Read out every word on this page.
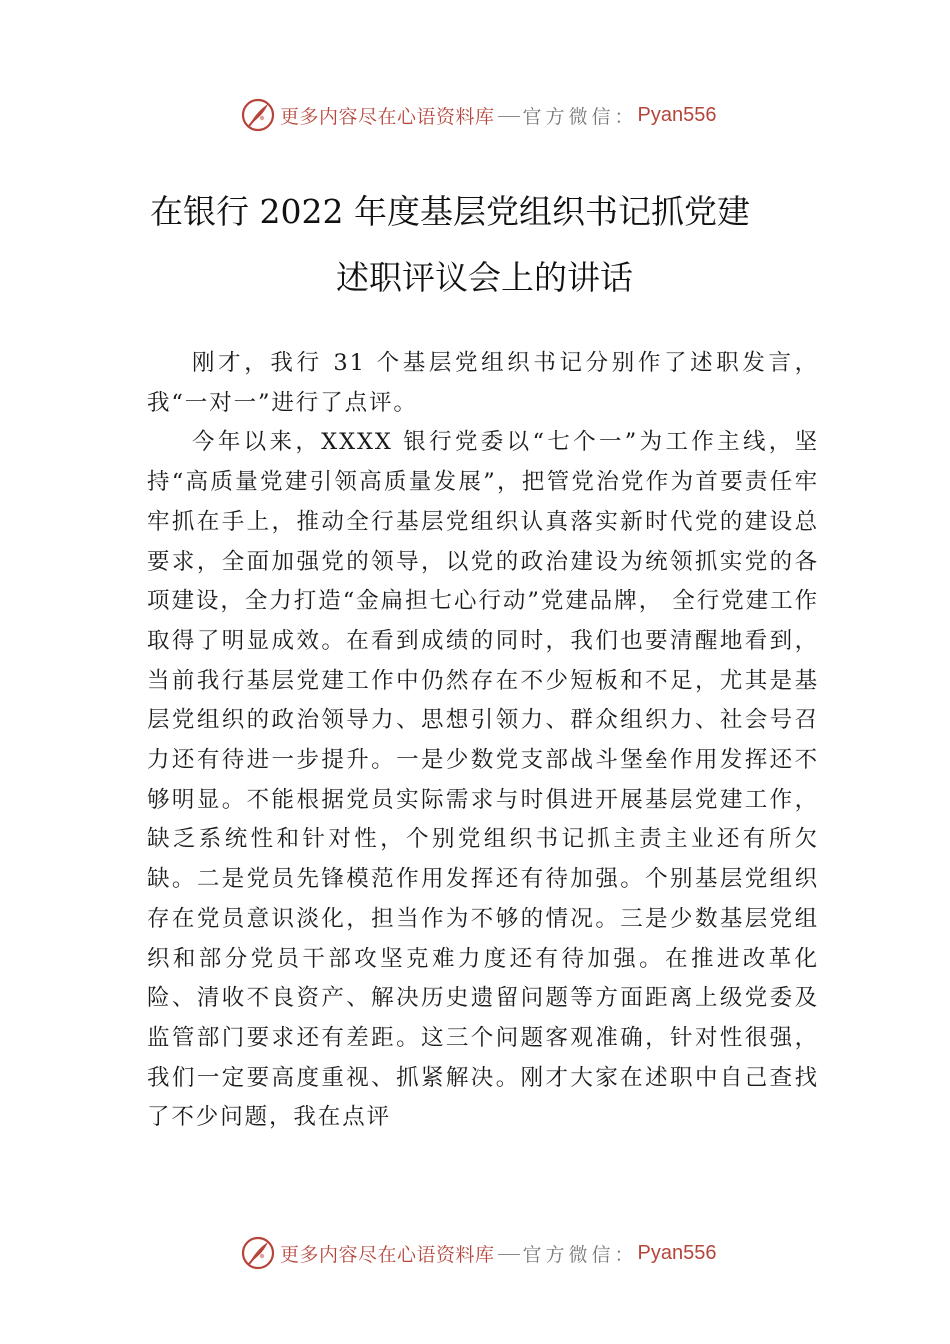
更多内容尽在心语资料库 官方微信： Pyan556
在银行 2022 年度基层党组织书记抓党建
述职评议会上的讲话

刚才，我行 31 个基层党组织书记分别作了述职发言，我“一对一”进行了点评。

今年以来，XXXX 银行党委以“七个一”为工作主线，坚持“高质量党建引领高质量发展”，把管党治党作为首要责任牢牢抓在手上，推动全行基层党组织认真落实新时代党的建设总要求，全面加强党的领导，以党的政治建设为统领抓实党的各项建设，全力打造“金扁担七心行动”党建品牌， 全行党建工作取得了明显成效。在看到成绩的同时，我们也要清醒地看到，当前我行基层党建工作中仍然存在不少短板和不足，尤其是基层党组织的政治领导力、思想引领力、群众组织力、社会号召力还有待进一步提升。一是少数党支部战斗堡垒作用发挥还不够明显。不能根据党员实际需求与时俱进开展基层党建工作，缺乏系统性和针对性，个别党组织书记抓主责主业还有所欠缺。二是党员先锋模范作用发挥还有待加强。个别基层党组织存在党员意识淡化，担当作为不够的情况。三是少数基层党组织和部分党员干部攻坚克难力度还有待加强。在推进改革化险、清收不良资产、解决历史遗留问题等方面距离上级党委及监管部门要求还有差距。这三个问题客观准确，针对性很强，我们一定要高度重视、抓紧解决。刚才大家在述职中自己查找了不少问题，我在点评

更多内容尽在心语资料库 官方微信： Pyan556
